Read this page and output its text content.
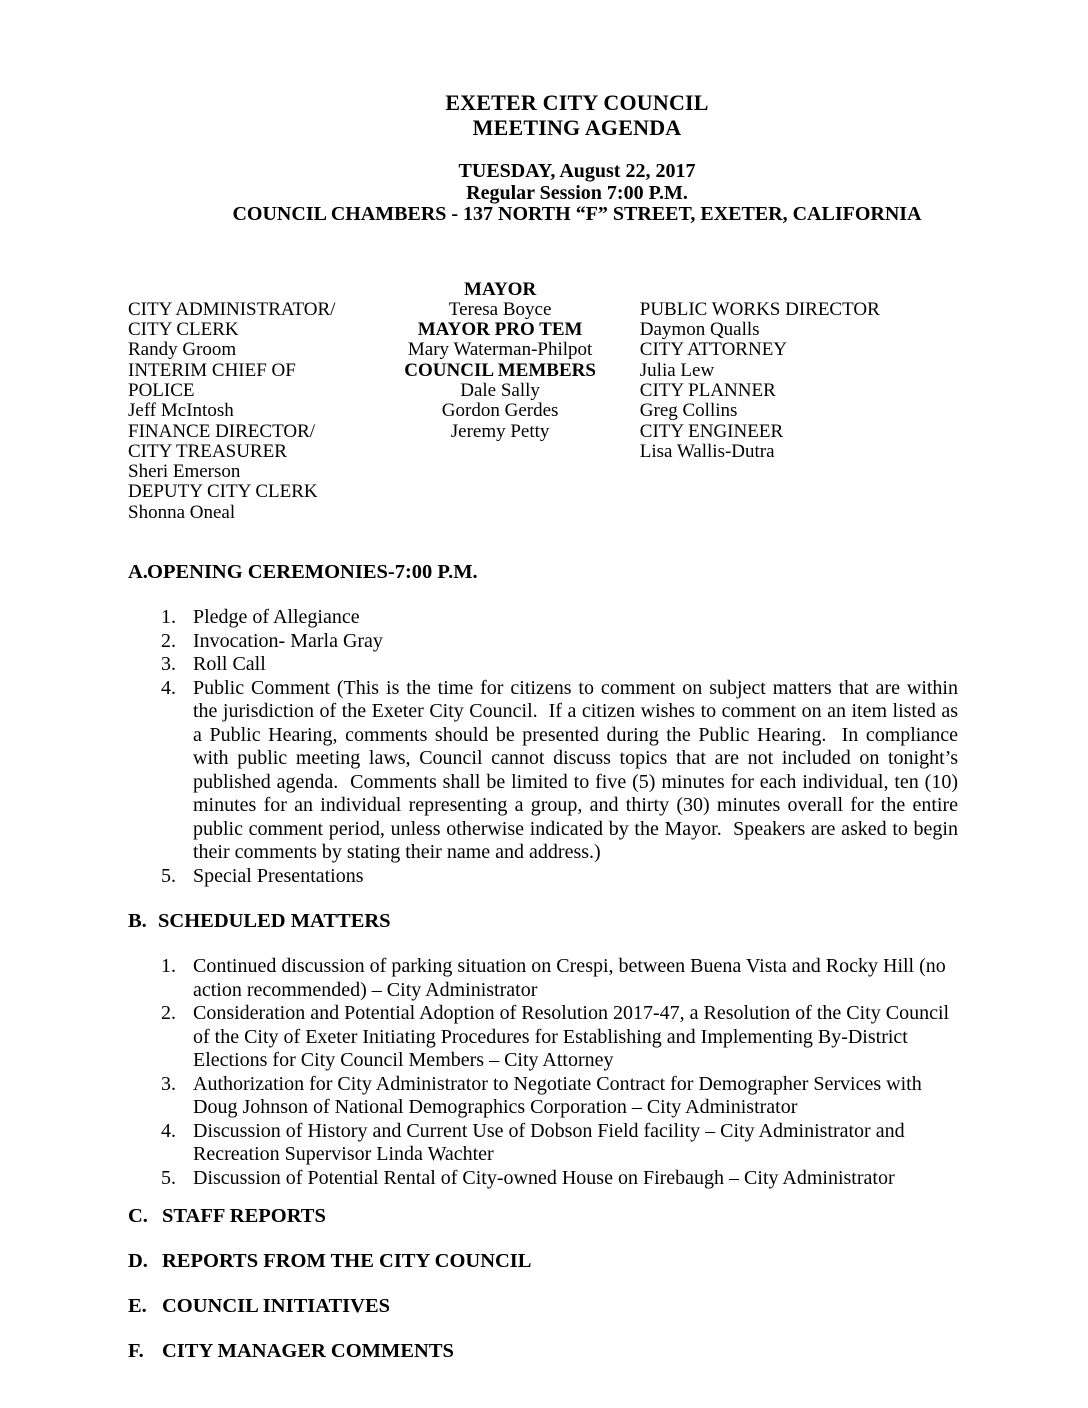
EXETER CITY COUNCIL
MEETING AGENDA
TUESDAY, August 22, 2017
Regular Session 7:00 P.M.
COUNCIL CHAMBERS - 137 NORTH “F” STREET, EXETER, CALIFORNIA
CITY ADMINISTRATOR/
CITY CLERK
Randy Groom
INTERIM CHIEF OF POLICE
Jeff McIntosh
FINANCE DIRECTOR/
CITY TREASURER
Sheri Emerson
DEPUTY CITY CLERK
Shonna Oneal
MAYOR
Teresa Boyce
MAYOR PRO TEM
Mary Waterman-Philpot
COUNCIL MEMBERS
Dale Sally
Gordon Gerdes
Jeremy Petty
PUBLIC WORKS DIRECTOR
Daymon Qualls
CITY ATTORNEY
Julia Lew
CITY PLANNER
Greg Collins
CITY ENGINEER
Lisa Wallis-Dutra
A.OPENING CEREMONIES-7:00 P.M.
1. Pledge of Allegiance
2. Invocation- Marla Gray
3. Roll Call
4. Public Comment (This is the time for citizens to comment on subject matters that are within the jurisdiction of the Exeter City Council.  If a citizen wishes to comment on an item listed as a Public Hearing, comments should be presented during the Public Hearing.  In compliance with public meeting laws, Council cannot discuss topics that are not included on tonight’s published agenda.  Comments shall be limited to five (5) minutes for each individual, ten (10) minutes for an individual representing a group, and thirty (30) minutes overall for the entire public comment period, unless otherwise indicated by the Mayor.  Speakers are asked to begin their comments by stating their name and address.)
5. Special Presentations
B. SCHEDULED MATTERS
1. Continued discussion of parking situation on Crespi, between Buena Vista and Rocky Hill (no action recommended) – City Administrator
2. Consideration and Potential Adoption of Resolution 2017-47, a Resolution of the City Council of the City of Exeter Initiating Procedures for Establishing and Implementing By-District Elections for City Council Members – City Attorney
3. Authorization for City Administrator to Negotiate Contract for Demographer Services with Doug Johnson of National Demographics Corporation – City Administrator
4. Discussion of History and Current Use of Dobson Field facility – City Administrator and Recreation Supervisor Linda Wachter
5. Discussion of Potential Rental of City-owned House on Firebaugh – City Administrator
C. STAFF REPORTS
D. REPORTS FROM THE CITY COUNCIL
E. COUNCIL INITIATIVES
F. CITY MANAGER COMMENTS
